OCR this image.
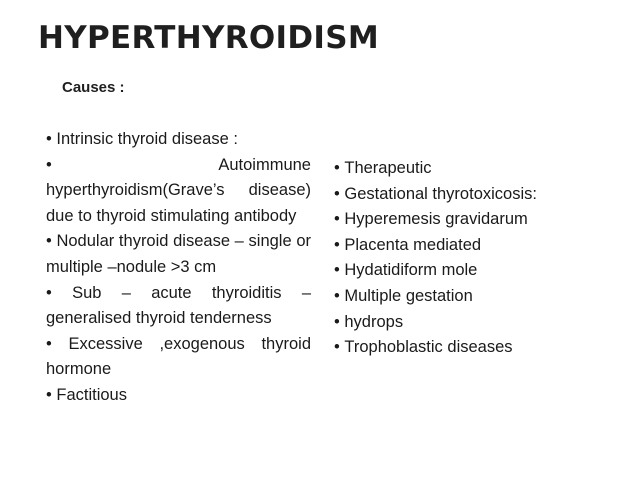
HYPERTHYROIDISM

Causes :

• Intrinsic thyroid disease :
• Autoimmune hyperthyroidism(Grave’s disease) due to thyroid stimulating antibody
• Nodular thyroid disease – single or multiple –nodule >3 cm
• Sub – acute thyroiditis – generalised thyroid tenderness
• Excessive ,exogenous thyroid hormone
• Factitious
• Therapeutic
• Gestational thyrotoxicosis:
• Hyperemesis gravidarum
• Placenta mediated
• Hydatidiform mole
• Multiple gestation
• hydrops
• Trophoblastic diseases
